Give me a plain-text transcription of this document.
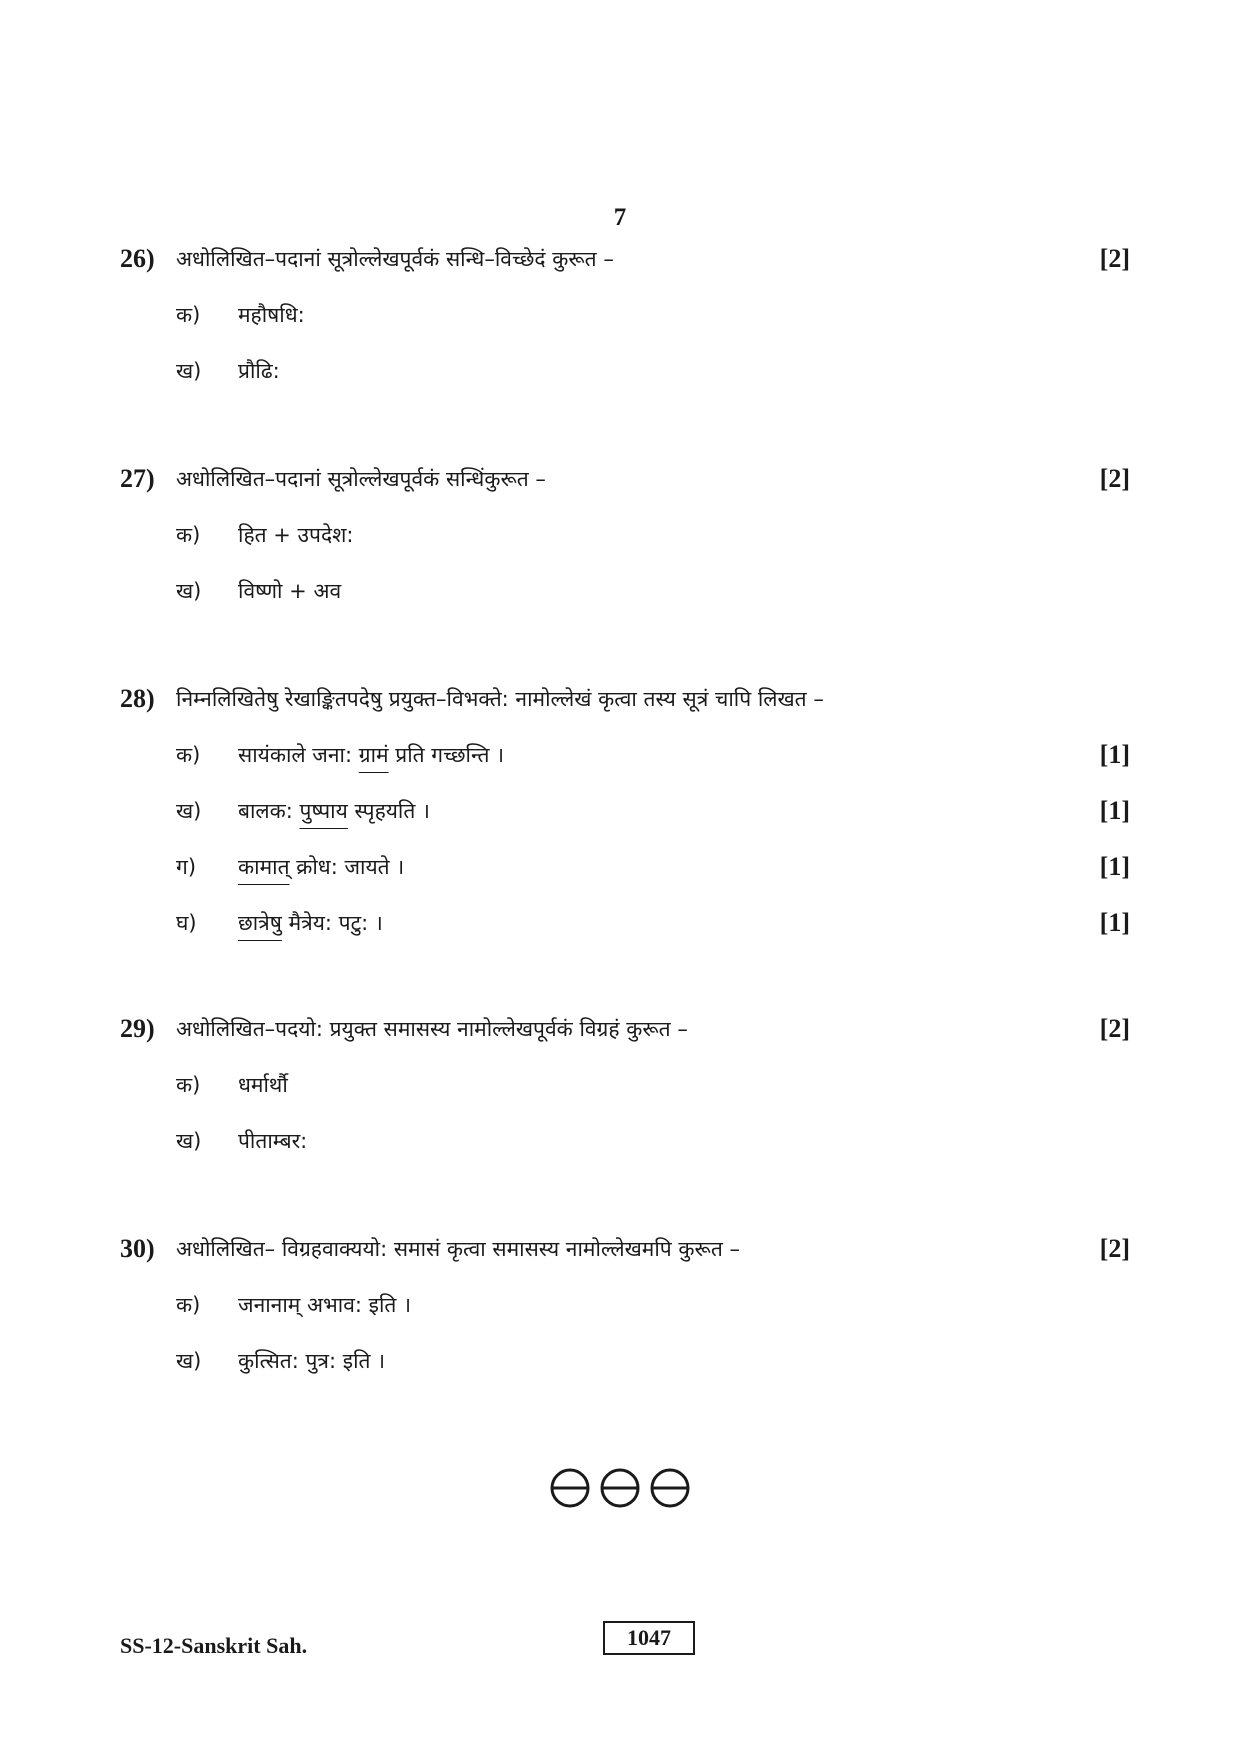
7
26) अधोलिखित–पदानां सूत्रोल्लेखपूर्वकं सन्धि–विच्छेदं कुरूत –	[2]
क) महौषधि:
ख) प्रौढि:
27) अधोलिखित–पदानां सूत्रोल्लेखपूर्वकं सन्धिंकुरूत –	[2]
क) हित + उपदेश:
ख) विष्णो + अव
28) निम्नलिखितेषु रेखाङ्कितपदेषु प्रयुक्त–विभक्ते: नामोल्लेखं कृत्वा तस्य सूत्रं चापि लिखत –
क) सायंकाले जना: ग्रामं प्रति गच्छन्ति ।	[1]
ख) बालक: पुष्पाय स्पृहयति ।	[1]
ग) कामात् क्रोध: जायते ।	[1]
घ) छात्रेषु मैत्रेय: पटु: ।	[1]
29) अधोलिखित–पदयो: प्रयुक्त समासस्य नामोल्लेखपूर्वकं विग्रहं कुरूत –	[2]
क) धर्मार्थौ
ख) पीताम्बर:
30) अधोलिखित– विग्रहवाक्ययो: समासं कृत्वा समासस्य नामोल्लेखमपि कुरूत –	[2]
क) जनानाम् अभाव: इति ।
ख) कुत्सित: पुत्र: इति ।
SS-12-Sanskrit Sah.	1047
